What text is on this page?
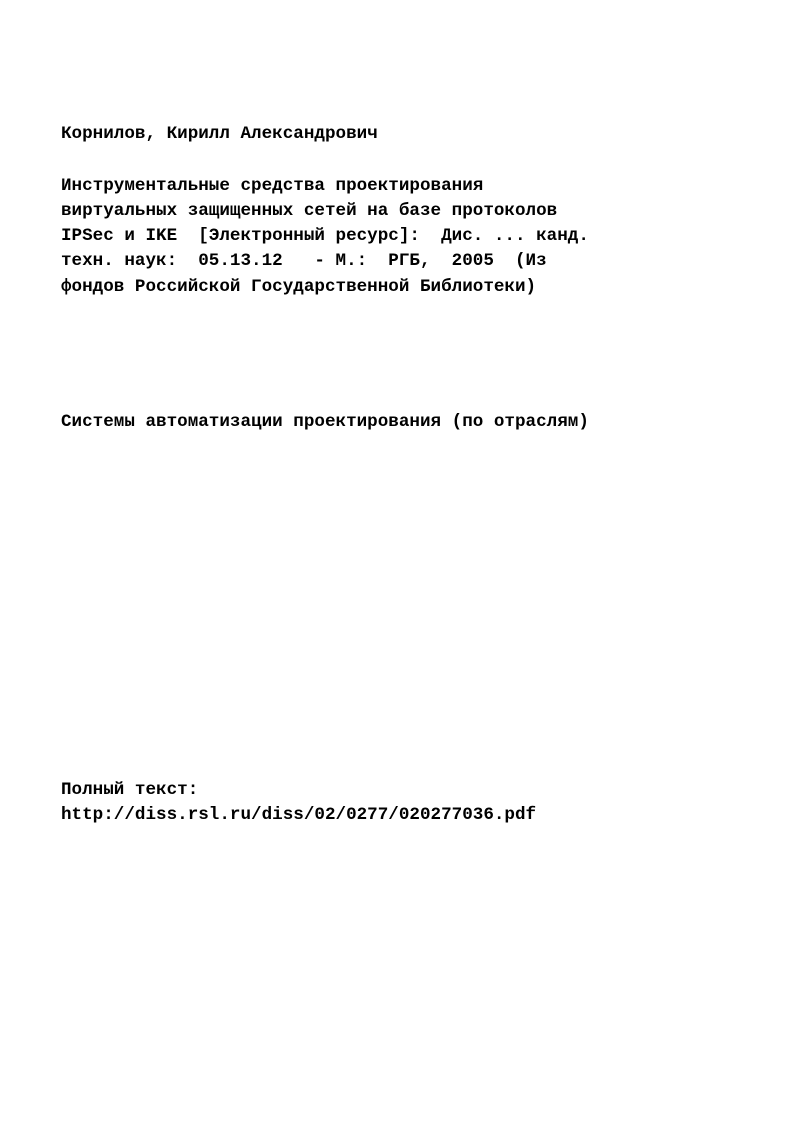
Корнилов, Кирилл Александрович
Инструментальные средства проектирования
виртуальных защищенных сетей на базе протоколов
IPSec и IKE  [Электронный ресурс]:  Дис. ... канд.
техн. наук:  05.13.12   - М.:  РГБ,  2005  (Из
фондов Российской Государственной Библиотеки)
Системы автоматизации проектирования (по отраслям)
Полный текст:
http://diss.rsl.ru/diss/02/0277/020277036.pdf
